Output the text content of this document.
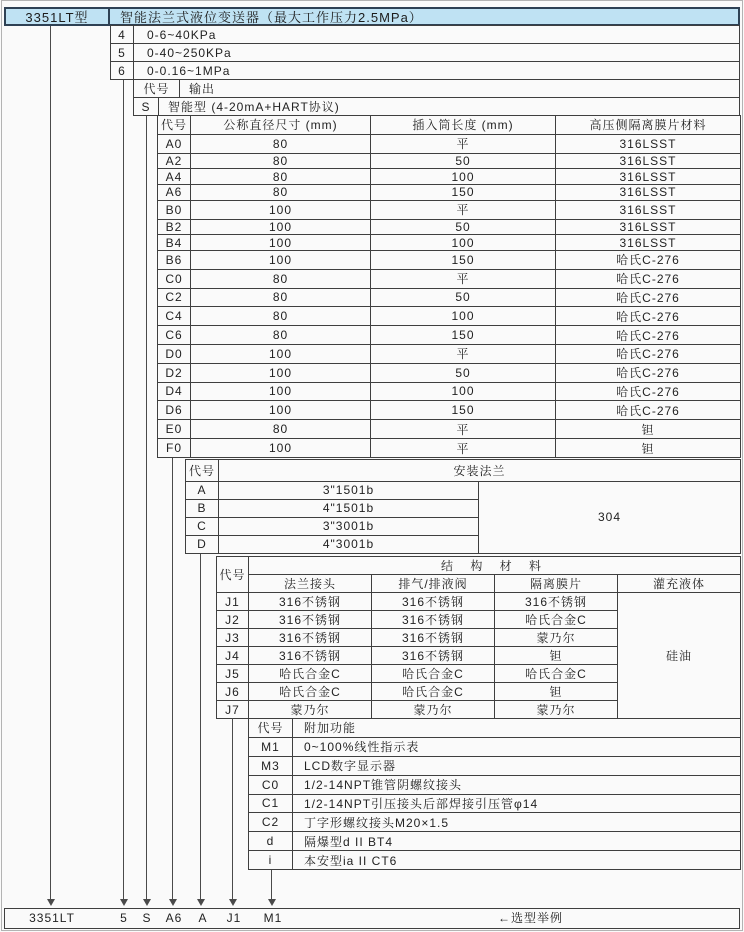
3351LT型	智能法兰式液位变送器（最大工作压力2.5MPa）
4	0-6~40KPa
5	0-40~250KPa
6	0-0.16~1MPa
代号	输出
S	智能型 (4-20mA+HART协议)
代号	公称直径尺寸 (mm)	插入筒长度 (mm)	高压侧隔离膜片材料
A0	80	平	316LSST
A2	80	50	316LSST
A4	80	100	316LSST
A6	80	150	316LSST
B0	100	平	316LSST
B2	100	50	316LSST
B4	100	100	316LSST
B6	100	150	哈氏C-276
C0	80	平	哈氏C-276
C2	80	50	哈氏C-276
C4	80	100	哈氏C-276
C6	80	150	哈氏C-276
D0	100	平	哈氏C-276
D2	100	50	哈氏C-276
D4	100	100	哈氏C-276
D6	100	150	哈氏C-276
E0	80	平	钽
F0	100	平	钽
代号	安装法兰	
A	3"1501b	304
B	4"1501b	
C	3"3001b	
D	4"3001b	
代号	结 构 材 料			
	法兰接头	排气/排液阀	隔离膜片	灌充液体
J1	316不锈钢	316不锈钢	316不锈钢	硅油
J2	316不锈钢	316不锈钢	哈氏合金C	
J3	316不锈钢	316不锈钢	蒙乃尔	
J4	316不锈钢	316不锈钢	钽	
J5	哈氏合金C	哈氏合金C	哈氏合金C	
J6	哈氏合金C	哈氏合金C	钽	
J7	蒙乃尔	蒙乃尔	蒙乃尔	
代号	附加功能
M1	0~100%线性指示表
M3	LCD数字显示器
C0	1/2-14NPT锥管阴螺纹接头
C1	1/2-14NPT引压接头后部焊接引压管φ14
C2	丁字形螺纹接头M20×1.5
d	隔爆型d II BT4
i	本安型ia II CT6
3351LT	5 S A6 A J1 M1	←选型举例
